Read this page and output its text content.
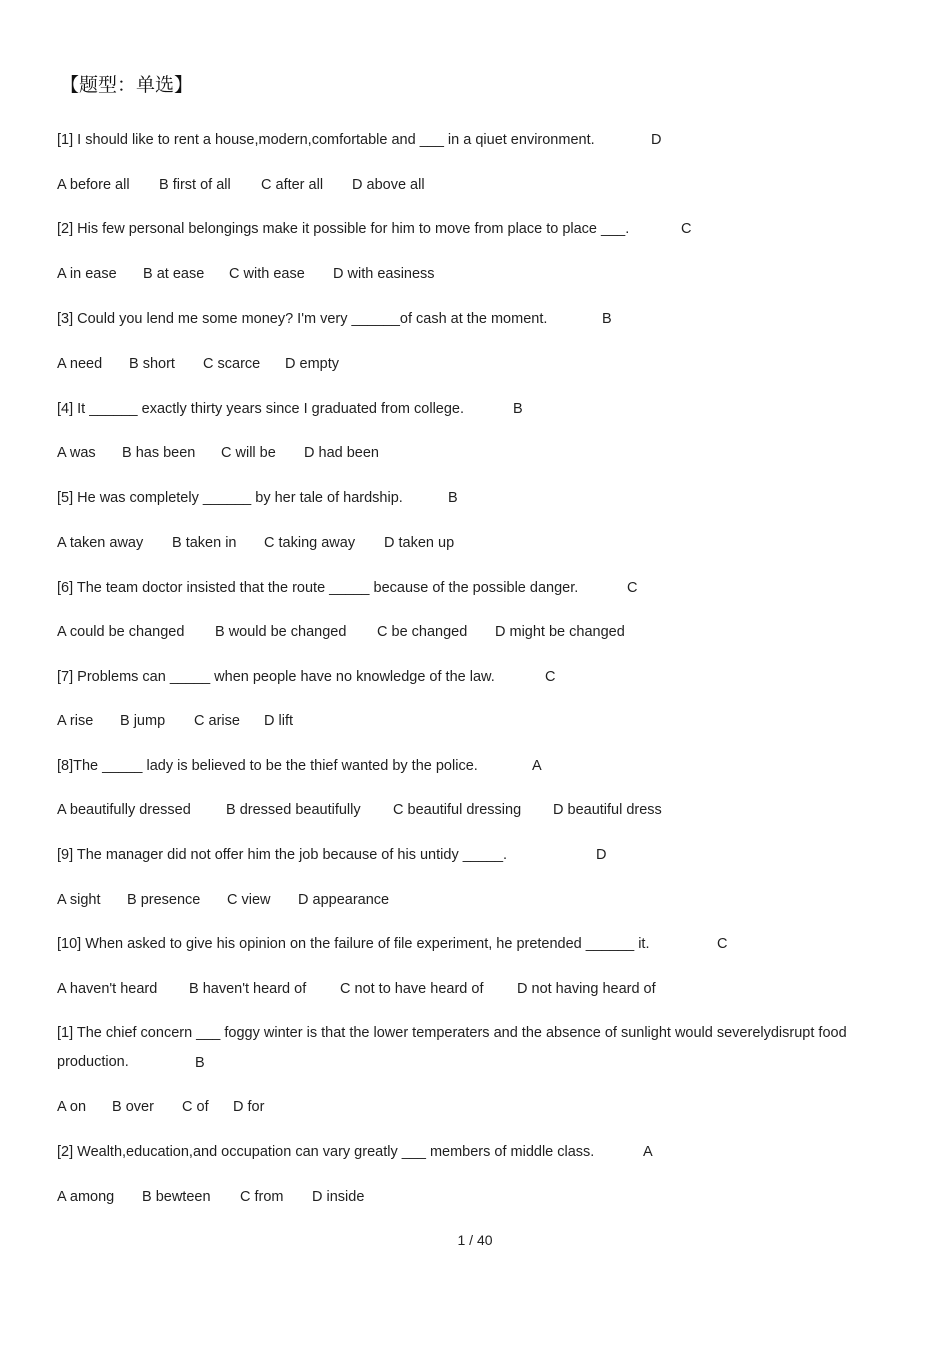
【题型：单选】
[1] I should like to rent a house,modern,comfortable and ___ in a qiuet environment.	D
A before all B first of all C after all D above all
[2] His few personal belongings make it possible for him to move from place to place ___.	C
A in ease B at ease C with ease D with easiness
[3] Could you lend me some money? I'm very ______of cash at the moment.	B
A need B short C scarce D empty
[4] It ______ exactly thirty years since I graduated from college.	B
A was B has been C will be D had been
[5] He was completely ______ by her tale of hardship.	B
A taken away B taken in C taking away D taken up
[6] The team doctor insisted that the route _____ because of the possible danger.	C
A could be changed B would be changed C be changed D might be changed
[7] Problems can _____ when people have no knowledge of the law.	C
A rise B jump C arise D lift
[8]The _____ lady is believed to be the thief wanted by the police.	A
A beautifully dressed B dressed beautifully C beautiful dressing D beautiful dress
[9] The manager did not offer him the job because of his untidy _____.	D
A sight B presence C view D appearance
[10] When asked to give his opinion on the failure of file experiment, he pretended ______ it.	C
A haven't heard B haven't heard of C not to have heard of D not having heard of
[1] The chief concern ___ foggy winter is that the lower temperaters and the absence of sunlight would severelydisrupt food production.	B
A on B over C of D for
[2] Wealth,education,and occupation can vary greatly ___ members of middle class.	A
A among B bewteen C from D inside
1 / 40
